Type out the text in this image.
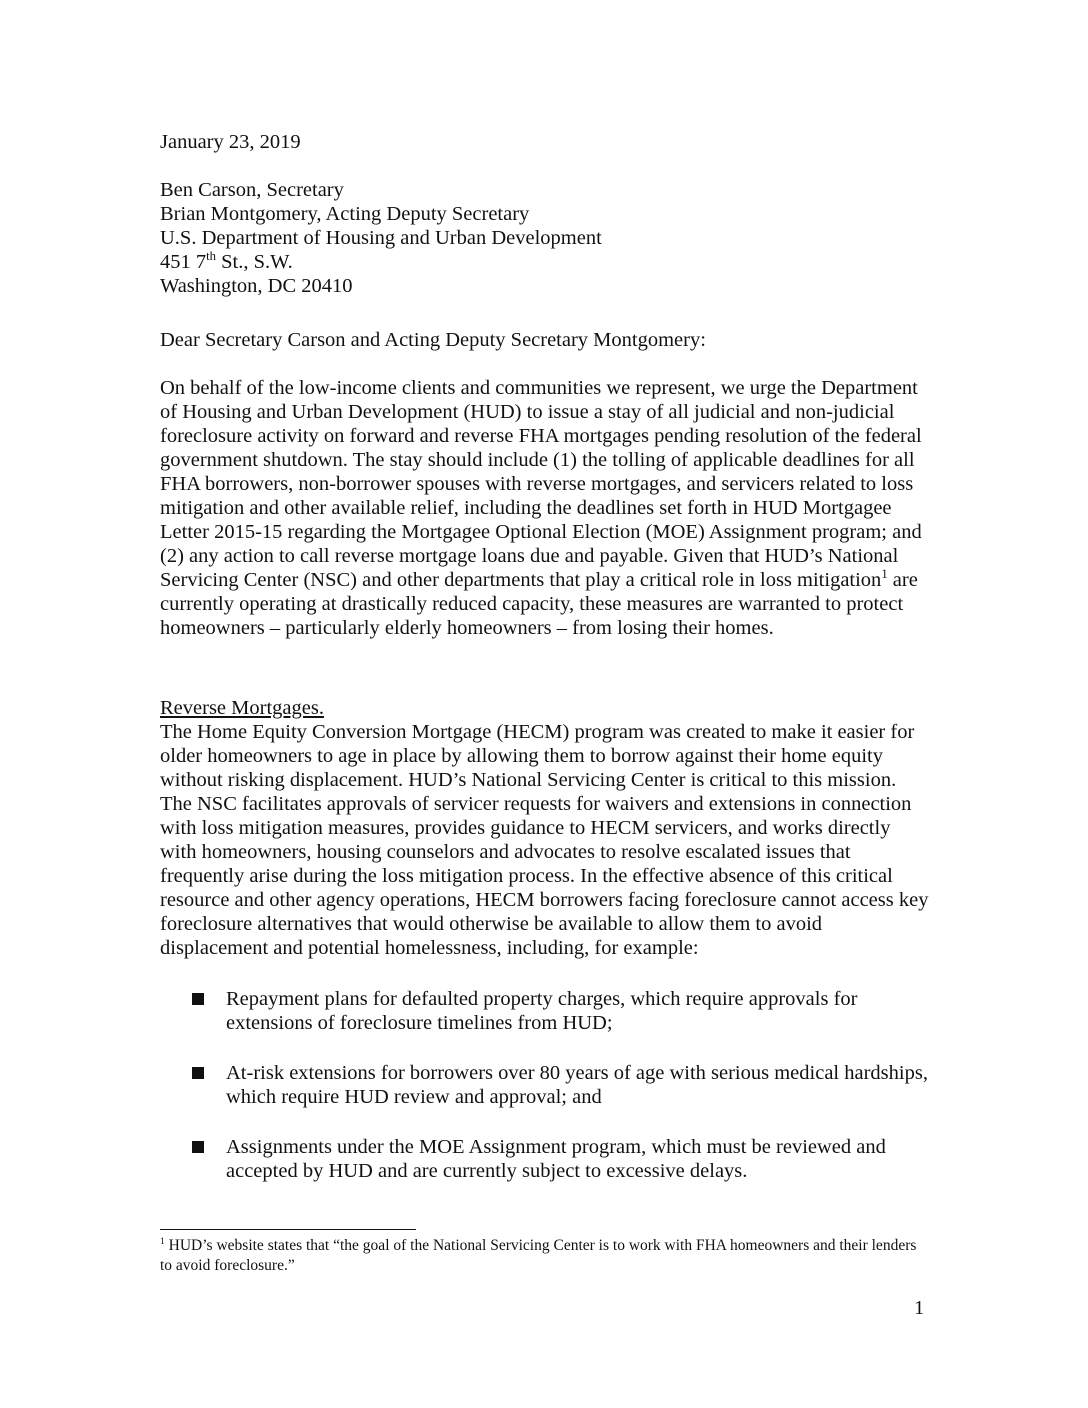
January 23, 2019

Ben Carson, Secretary
Brian Montgomery, Acting Deputy Secretary
U.S. Department of Housing and Urban Development
451 7th St., S.W.
Washington, DC 20410

Dear Secretary Carson and Acting Deputy Secretary Montgomery:

On behalf of the low-income clients and communities we represent, we urge the Department of Housing and Urban Development (HUD) to issue a stay of all judicial and non-judicial foreclosure activity on forward and reverse FHA mortgages pending resolution of the federal government shutdown. The stay should include (1) the tolling of applicable deadlines for all FHA borrowers, non-borrower spouses with reverse mortgages, and servicers related to loss mitigation and other available relief, including the deadlines set forth in HUD Mortgagee Letter 2015-15 regarding the Mortgagee Optional Election (MOE) Assignment program; and (2) any action to call reverse mortgage loans due and payable. Given that HUD’s National Servicing Center (NSC) and other departments that play a critical role in loss mitigation$^1$ are currently operating at drastically reduced capacity, these measures are warranted to protect homeowners – particularly elderly homeowners – from losing their homes.

Reverse Mortgages.

The Home Equity Conversion Mortgage (HECM) program was created to make it easier for older homeowners to age in place by allowing them to borrow against their home equity without risking displacement. HUD’s National Servicing Center is critical to this mission. The NSC facilitates approvals of servicer requests for waivers and extensions in connection with loss mitigation measures, provides guidance to HECM servicers, and works directly with homeowners, housing counselors and advocates to resolve escalated issues that frequently arise during the loss mitigation process. In the effective absence of this critical resource and other agency operations, HECM borrowers facing foreclosure cannot access key foreclosure alternatives that would otherwise be available to allow them to avoid displacement and potential homelessness, including, for example:

Repayment plans for defaulted property charges, which require approvals for extensions of foreclosure timelines from HUD;
At-risk extensions for borrowers over 80 years of age with serious medical hardships, which require HUD review and approval; and
Assignments under the MOE Assignment program, which must be reviewed and accepted by HUD and are currently subject to excessive delays.

$^1$ HUD’s website states that “the goal of the National Servicing Center is to work with FHA homeowners and their lenders to avoid foreclosure.”

1
